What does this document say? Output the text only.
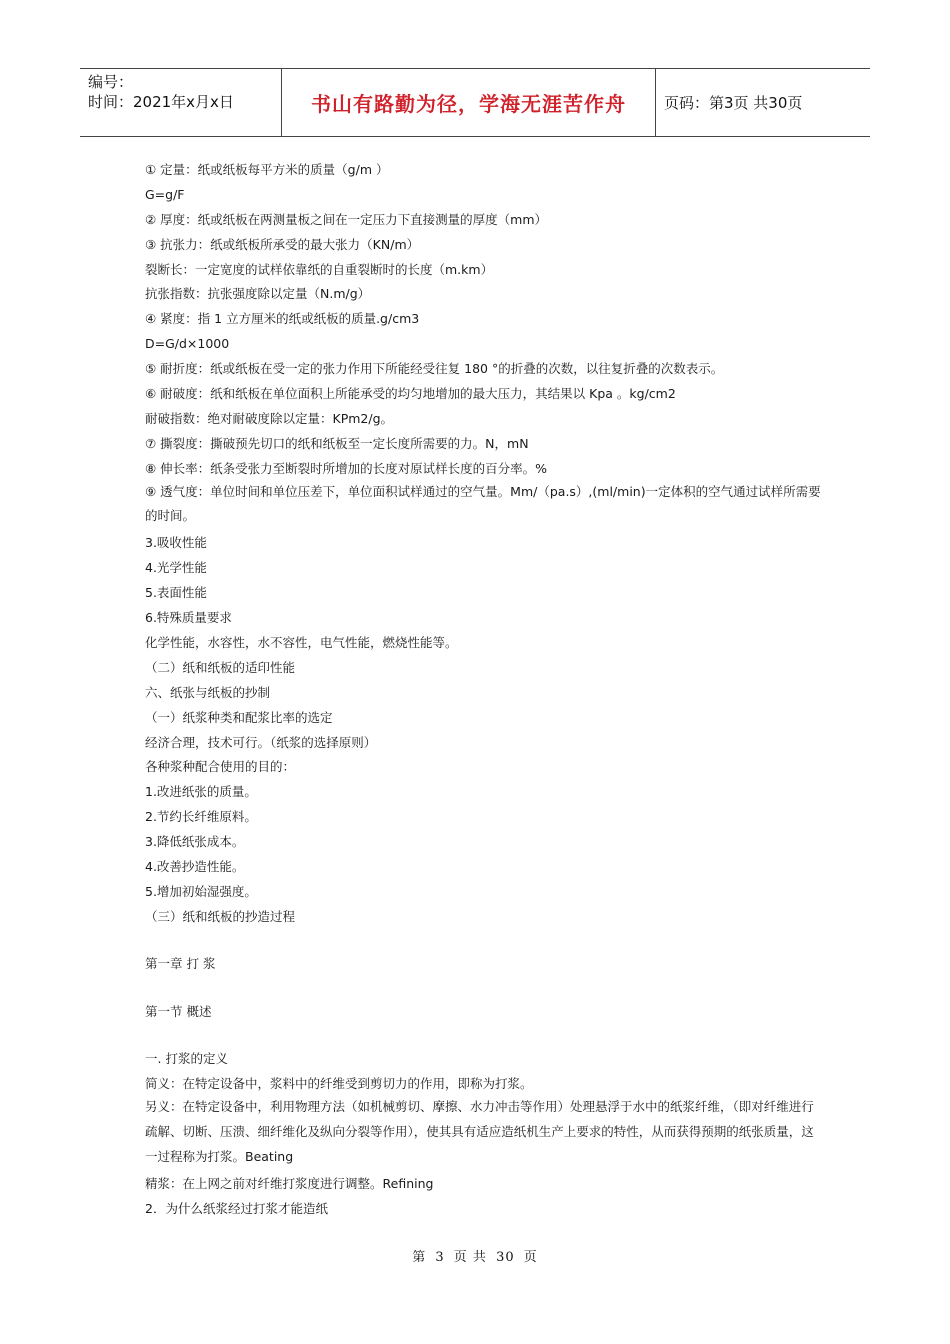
编号：
时间：2021年x月x日	书山有路勤为径，学海无涯苦作舟	页码：第3页 共30页

① 定量：纸或纸板每平方米的质量（g/m ）

G=g/F

② 厚度：纸或纸板在两测量板之间在一定压力下直接测量的厚度（mm）

③ 抗张力：纸或纸板所承受的最大张力（KN/m）

裂断长：一定宽度的试样依靠纸的自重裂断时的长度（m.km）

抗张指数：抗张强度除以定量（N.m/g）

④ 紧度：指 1 立方厘米的纸或纸板的质量.g/cm3

D=G/d×1000

⑤ 耐折度：纸或纸板在受一定的张力作用下所能经受往复 180 °的折叠的次数，以往复折叠的次数表示。

⑥ 耐破度：纸和纸板在单位面积上所能承受的均匀地增加的最大压力，其结果以 Kpa 。kg/cm2

耐破指数：绝对耐破度除以定量：KPm2/g。

⑦ 撕裂度：撕破预先切口的纸和纸板至一定长度所需要的力。N，mN

⑧ 伸长率：纸条受张力至断裂时所增加的长度对原试样长度的百分率。%

⑨ 透气度：单位时间和单位压差下，单位面积试样通过的空气量。Mm/（pa.s）,(ml/min)一定体积的空气通过试样所需要的时间。

3.吸收性能

4.光学性能

5.表面性能

6.特殊质量要求

化学性能，水容性，水不容性，电气性能，燃烧性能等。

（二）纸和纸板的适印性能

六、纸张与纸板的抄制

（一）纸浆种类和配浆比率的选定

经济合理，技术可行。（纸浆的选择原则）

各种浆种配合使用的目的：

1.改进纸张的质量。

2.节约长纤维原料。

3.降低纸张成本。

4.改善抄造性能。

5.增加初始湿强度。

（三）纸和纸板的抄造过程

第一章 打 浆

第一节 概述

一. 打浆的定义

简义：在特定设备中，浆料中的纤维受到剪切力的作用，即称为打浆。

另义：在特定设备中，利用物理方法（如机械剪切、摩擦、水力冲击等作用）处理悬浮于水中的纸浆纤维，（即对纤维进行疏解、切断、压溃、细纤维化及纵向分裂等作用），使其具有适应造纸机生产上要求的特性，从而获得预期的纸张质量，这一过程称为打浆。Beating

精浆：在上网之前对纤维打浆度进行调整。Refining

2．为什么纸浆经过打浆才能造纸

第 3 页 共 30 页
